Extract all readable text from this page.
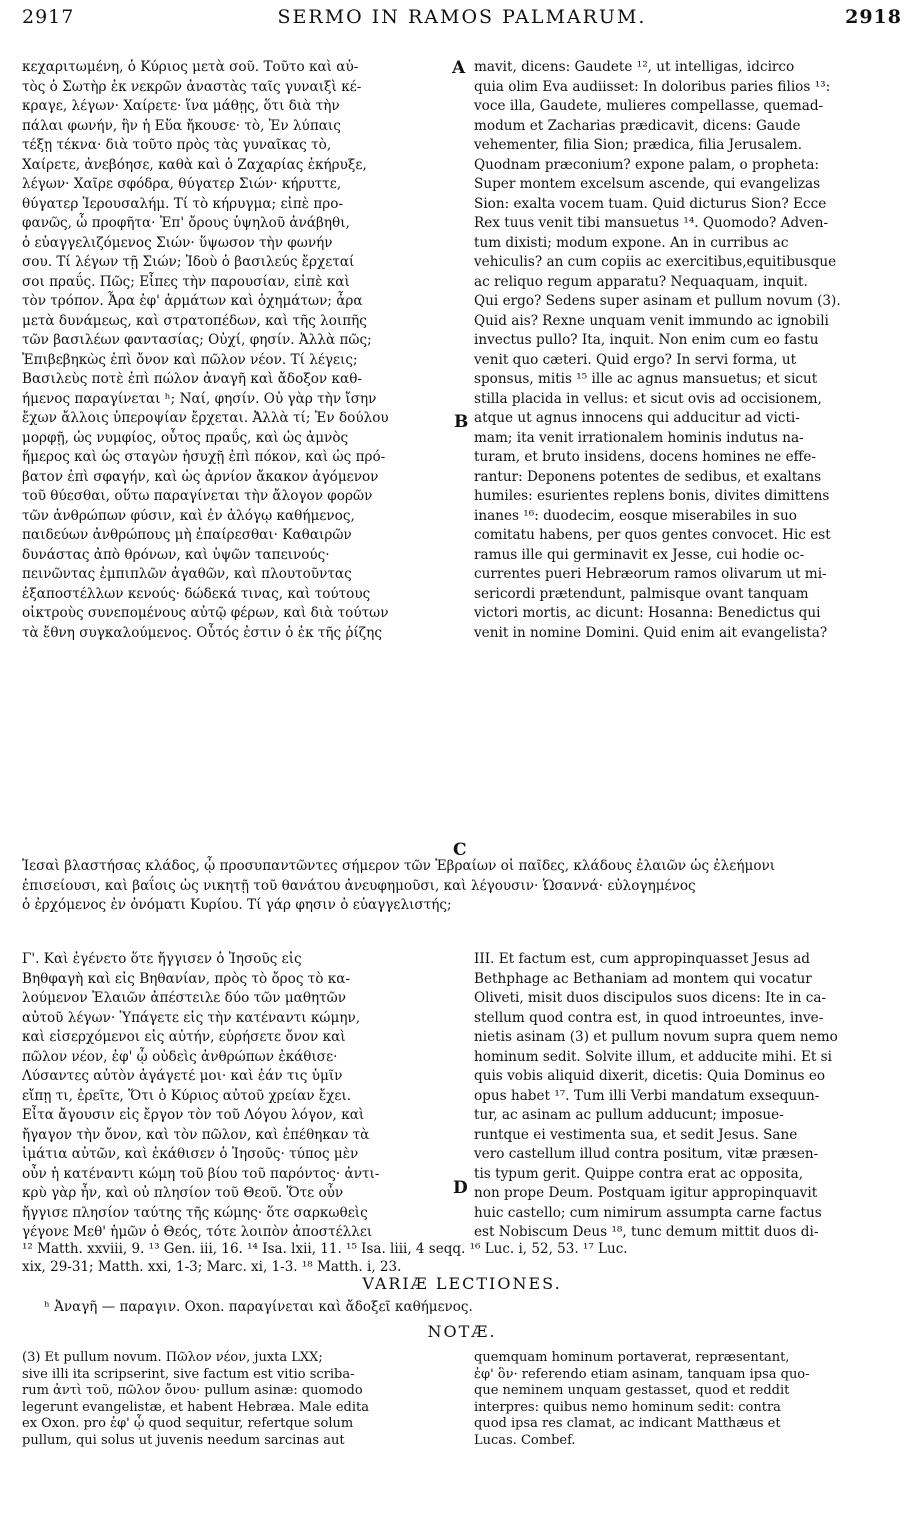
2917	SERMO IN RAMOS PALMARUM.	2918

κεχαριτωμένη, ὁ Κύριος μετὰ σοῦ. Τοῦτο καὶ αὐ-

τὸς ὁ Σωτὴρ ἐκ νεκρῶν ἀναστὰς ταῖς γυναιξὶ κέ-

κραγε, λέγων· Χαίρετε· ἵνα μάθῃς, ὅτι διὰ τὴν

πάλαι φωνήν, ἣν ἡ Εὕα ἤκουσε· τὸ, Ἐν λύπαις

τέξῃ τέκνα· διὰ τοῦτο πρὸς τὰς γυναῖκας τὸ,

Χαίρετε, ἀνεβόησε, καθὰ καὶ ὁ Ζαχαρίας ἐκήρυξε,

λέγων· Χαῖρε σφόδρα, θύγατερ Σιών· κήρυττε,

θύγατερ Ἱερουσαλήμ. Τί τὸ κήρυγμα; εἰπὲ προ-

φανῶς, ὦ προφῆτα· Ἐπ' ὄρους ὑψηλοῦ ἀνάβηθι,

ὁ εὐαγγελιζόμενος Σιών· ὕψωσον τὴν φωνήν

σου. Τί λέγων τῇ Σιών; Ἰδοὺ ὁ βασιλεύς ἔρχεταί

σοι πραΰς. Πῶς; Εἶπες τὴν παρουσίαν, εἰπὲ καὶ

τὸν τρόπον. Ἆρα ἐφ' ἁρμάτων καὶ ὀχημάτων; ἆρα

μετὰ δυνάμεως, καὶ στρατοπέδων, καὶ τῆς λοιπῆς

τῶν βασιλέων φαντασίας; Οὐχί, φησίν. Ἀλλὰ πῶς;

Ἐπιβεβηκὼς ἐπὶ ὄνον καὶ πῶλον νέον. Τί λέγεις;

Βασιλεὺς ποτὲ ἐπὶ πώλον ἀναγῆ καὶ ἄδοξον καθ-

ήμενος παραγίνεται ʰ; Ναί, φησίν. Οὐ γὰρ τὴν ἴσην

ἔχων ἄλλοις ὑπεροψίαν ἔρχεται. Ἀλλὰ τί; Ἐν δούλου

μορφῇ, ὡς νυμφίος, οὗτος πραΰς, καὶ ὡς ἀμνὸς

ἥμερος καὶ ὡς σταγὼν ἡσυχῇ ἐπὶ πόκον, καὶ ὡς πρό-

βατον ἐπὶ σφαγήν, καὶ ὡς ἀρνίον ἄκακον ἀγόμενον

τοῦ θύεσθαι, οὕτω παραγίνεται τὴν ἄλογον φορῶν

τῶν ἀνθρώπων φύσιν, καὶ ἐν ἀλόγῳ καθήμενος,

παιδεύων ἀνθρώπους μὴ ἐπαίρεσθαι· Καθαιρῶν

δυνάστας ἀπὸ θρόνων, καὶ ὑψῶν ταπεινούς·

πεινῶντας ἐμπιπλῶν ἀγαθῶν, καὶ πλουτοῦντας

ἐξαποστέλλων κενούς· δώδεκά τινας, καὶ τούτους

οἰκτροὺς συνεπομένους αὐτῷ φέρων, καὶ διὰ τούτων

τὰ ἔθνη συγκαλούμενος. Οὗτός ἐστιν ὁ ἐκ τῆς ῥίζης

mavit, dicens: Gaudete ¹², ut intelligas, idcirco

quia olim Eva audiisset: In doloribus paries filios ¹³:

voce illa, Gaudete, mulieres compellasse, quemad-

modum et Zacharias prædicavit, dicens: Gaude

vehementer, filia Sion; prædica, filia Jerusalem.

Quodnam præconium? expone palam, o propheta:

Super montem excelsum ascende, qui evangelizas

Sion: exalta vocem tuam. Quid dicturus Sion? Ecce

Rex tuus venit tibi mansuetus ¹⁴. Quomodo? Adven-

tum dixisti; modum expone. An in curribus ac

vehiculis? an cum copiis ac exercitibus,equitibusque

ac reliquo regum apparatu? Nequaquam, inquit.

Qui ergo? Sedens super asinam et pullum novum (3).

Quid ais? Rexne unquam venit immundo ac ignobili

invectus pullo? Ita, inquit. Non enim cum eo fastu

venit quo cæteri. Quid ergo? In servi forma, ut

sponsus, mitis ¹⁵ ille ac agnus mansuetus; et sicut

stilla placida in vellus: et sicut ovis ad occisionem,

atque ut agnus innocens qui adducitur ad victi-

mam; ita venit irrationalem hominis indutus na-

turam, et bruto insidens, docens homines ne effe-

rantur: Deponens potentes de sedibus, et exaltans

humiles: esurientes replens bonis, divites dimittens

inanes ¹⁶: duodecim, eosque miserabiles in suo

comitatu habens, per quos gentes convocet. Hic est

ramus ille qui germinavit ex Jesse, cui hodie oc-

currentes pueri Hebræorum ramos olivarum ut mi-

sericordi prætendunt, palmisque ovant tanquam

victori mortis, ac dicunt: Hosanna: Benedictus qui

venit in nomine Domini. Quid enim ait evangelista?

A
B
C
D

Ἰεσαὶ βλαστήσας κλάδος, ᾧ προσυπαντῶντες σήμερον τῶν Ἑβραίων οἱ παῖδες, κλάδους ἐλαιῶν ὡς ἐλεήμονι

ἐπισείουσι, καὶ βαΐοις ὡς νικητῇ τοῦ θανάτου ἀνευφημοῦσι, καὶ λέγουσιν· Ὡσαννά· εὐλογημένος

ὁ ἐρχόμενος ἐν ὀνόματι Κυρίου. Τί γάρ φησιν ὁ εὐαγγελιστής;

Γ'. Καὶ ἐγένετο ὅτε ἤγγισεν ὁ Ἰησοῦς εἰς

Βηθφαγὴ καὶ εἰς Βηθανίαν, πρὸς τὸ ὄρος τὸ κα-

λούμενον Ἐλαιῶν ἀπέστειλε δύο τῶν μαθητῶν

αὐτοῦ λέγων· Ὑπάγετε εἰς τὴν κατέναντι κώμην,

καὶ εἰσερχόμενοι εἰς αὐτήν, εὑρήσετε ὄνον καὶ

πῶλον νέον, ἐφ' ᾧ οὐδεὶς ἀνθρώπων ἐκάθισε·

Λύσαντες αὐτὸν ἀγάγετέ μοι· καὶ ἐάν τις ὑμῖν

εἴπῃ τι, ἐρεῖτε, Ὅτι ὁ Κύριος αὐτοῦ χρείαν ἔχει.

Εἶτα ἄγουσιν εἰς ἔργον τὸν τοῦ Λόγου λόγον, καὶ

ἤγαγον τὴν ὄνον, καὶ τὸν πῶλον, καὶ ἐπέθηκαν τὰ

ἱμάτια αὐτῶν, καὶ ἐκάθισεν ὁ Ἰησοῦς· τύπος μὲν

οὖν ἡ κατέναντι κώμη τοῦ βίου τοῦ παρόντος· ἀντι-

κρὺ γὰρ ἦν, καὶ οὐ πλησίον τοῦ Θεοῦ. Ὅτε οὖν

ἤγγισε πλησίον ταύτης τῆς κώμης· ὅτε σαρκωθεὶς

γέγονε Μεθ' ἡμῶν ὁ Θεός, τότε λοιπὸν ἀποστέλλει

III. Et factum est, cum appropinquasset Jesus ad

Bethphage ac Bethaniam ad montem qui vocatur

Oliveti, misit duos discipulos suos dicens: Ite in ca-

stellum quod contra est, in quod introeuntes, inve-

nietis asinam (3) et pullum novum supra quem nemo

hominum sedit. Solvite illum, et adducite mihi. Et si

quis vobis aliquid dixerit, dicetis: Quia Dominus eo

opus habet ¹⁷. Tum illi Verbi mandatum exsequun-

tur, ac asinam ac pullum adducunt; imposue-

runtque ei vestimenta sua, et sedit Jesus. Sane

vero castellum illud contra positum, vitæ præsen-

tis typum gerit. Quippe contra erat ac opposita,

non prope Deum. Postquam igitur appropinquavit

huic castello; cum nimirum assumpta carne factus

est Nobiscum Deus ¹⁸, tunc demum mittit duos di-

¹² Matth. xxviii, 9. ¹³ Gen. iii, 16. ¹⁴ Isa. lxii, 11. ¹⁵ Isa. liii, 4 seqq. ¹⁶ Luc. i, 52, 53. ¹⁷ Luc.

xix, 29-31; Matth. xxi, 1-3; Marc. xi, 1-3. ¹⁸ Matth. i, 23.

VARIÆ LECTIONES.
ʰ Ἀναγῆ — παραγιν. Oxon. παραγίνεται καὶ ἄδοξεῖ καθήμενος.
NOTÆ.

(3) Et pullum novum. Πῶλον νέον, juxta LXX;

sive illi ita scripserint, sive factum est vitio scriba-

rum ἀντὶ τοῦ, πῶλον ὄνου· pullum asinæ: quomodo

legerunt evangelistæ, et habent Hebræa. Male edita

ex Oxon. pro ἐφ' ᾧ quod sequitur, refertque solum

pullum, qui solus ut juvenis needum sarcinas aut

quemquam hominum portaverat, repræsentant,

ἐφ' ὃν· referendo etiam asinam, tanquam ipsa quo-

que neminem unquam gestasset, quod et reddit

interpres: quibus nemo hominum sedit: contra

quod ipsa res clamat, ac indicant Matthæus et

Lucas. Combef.
